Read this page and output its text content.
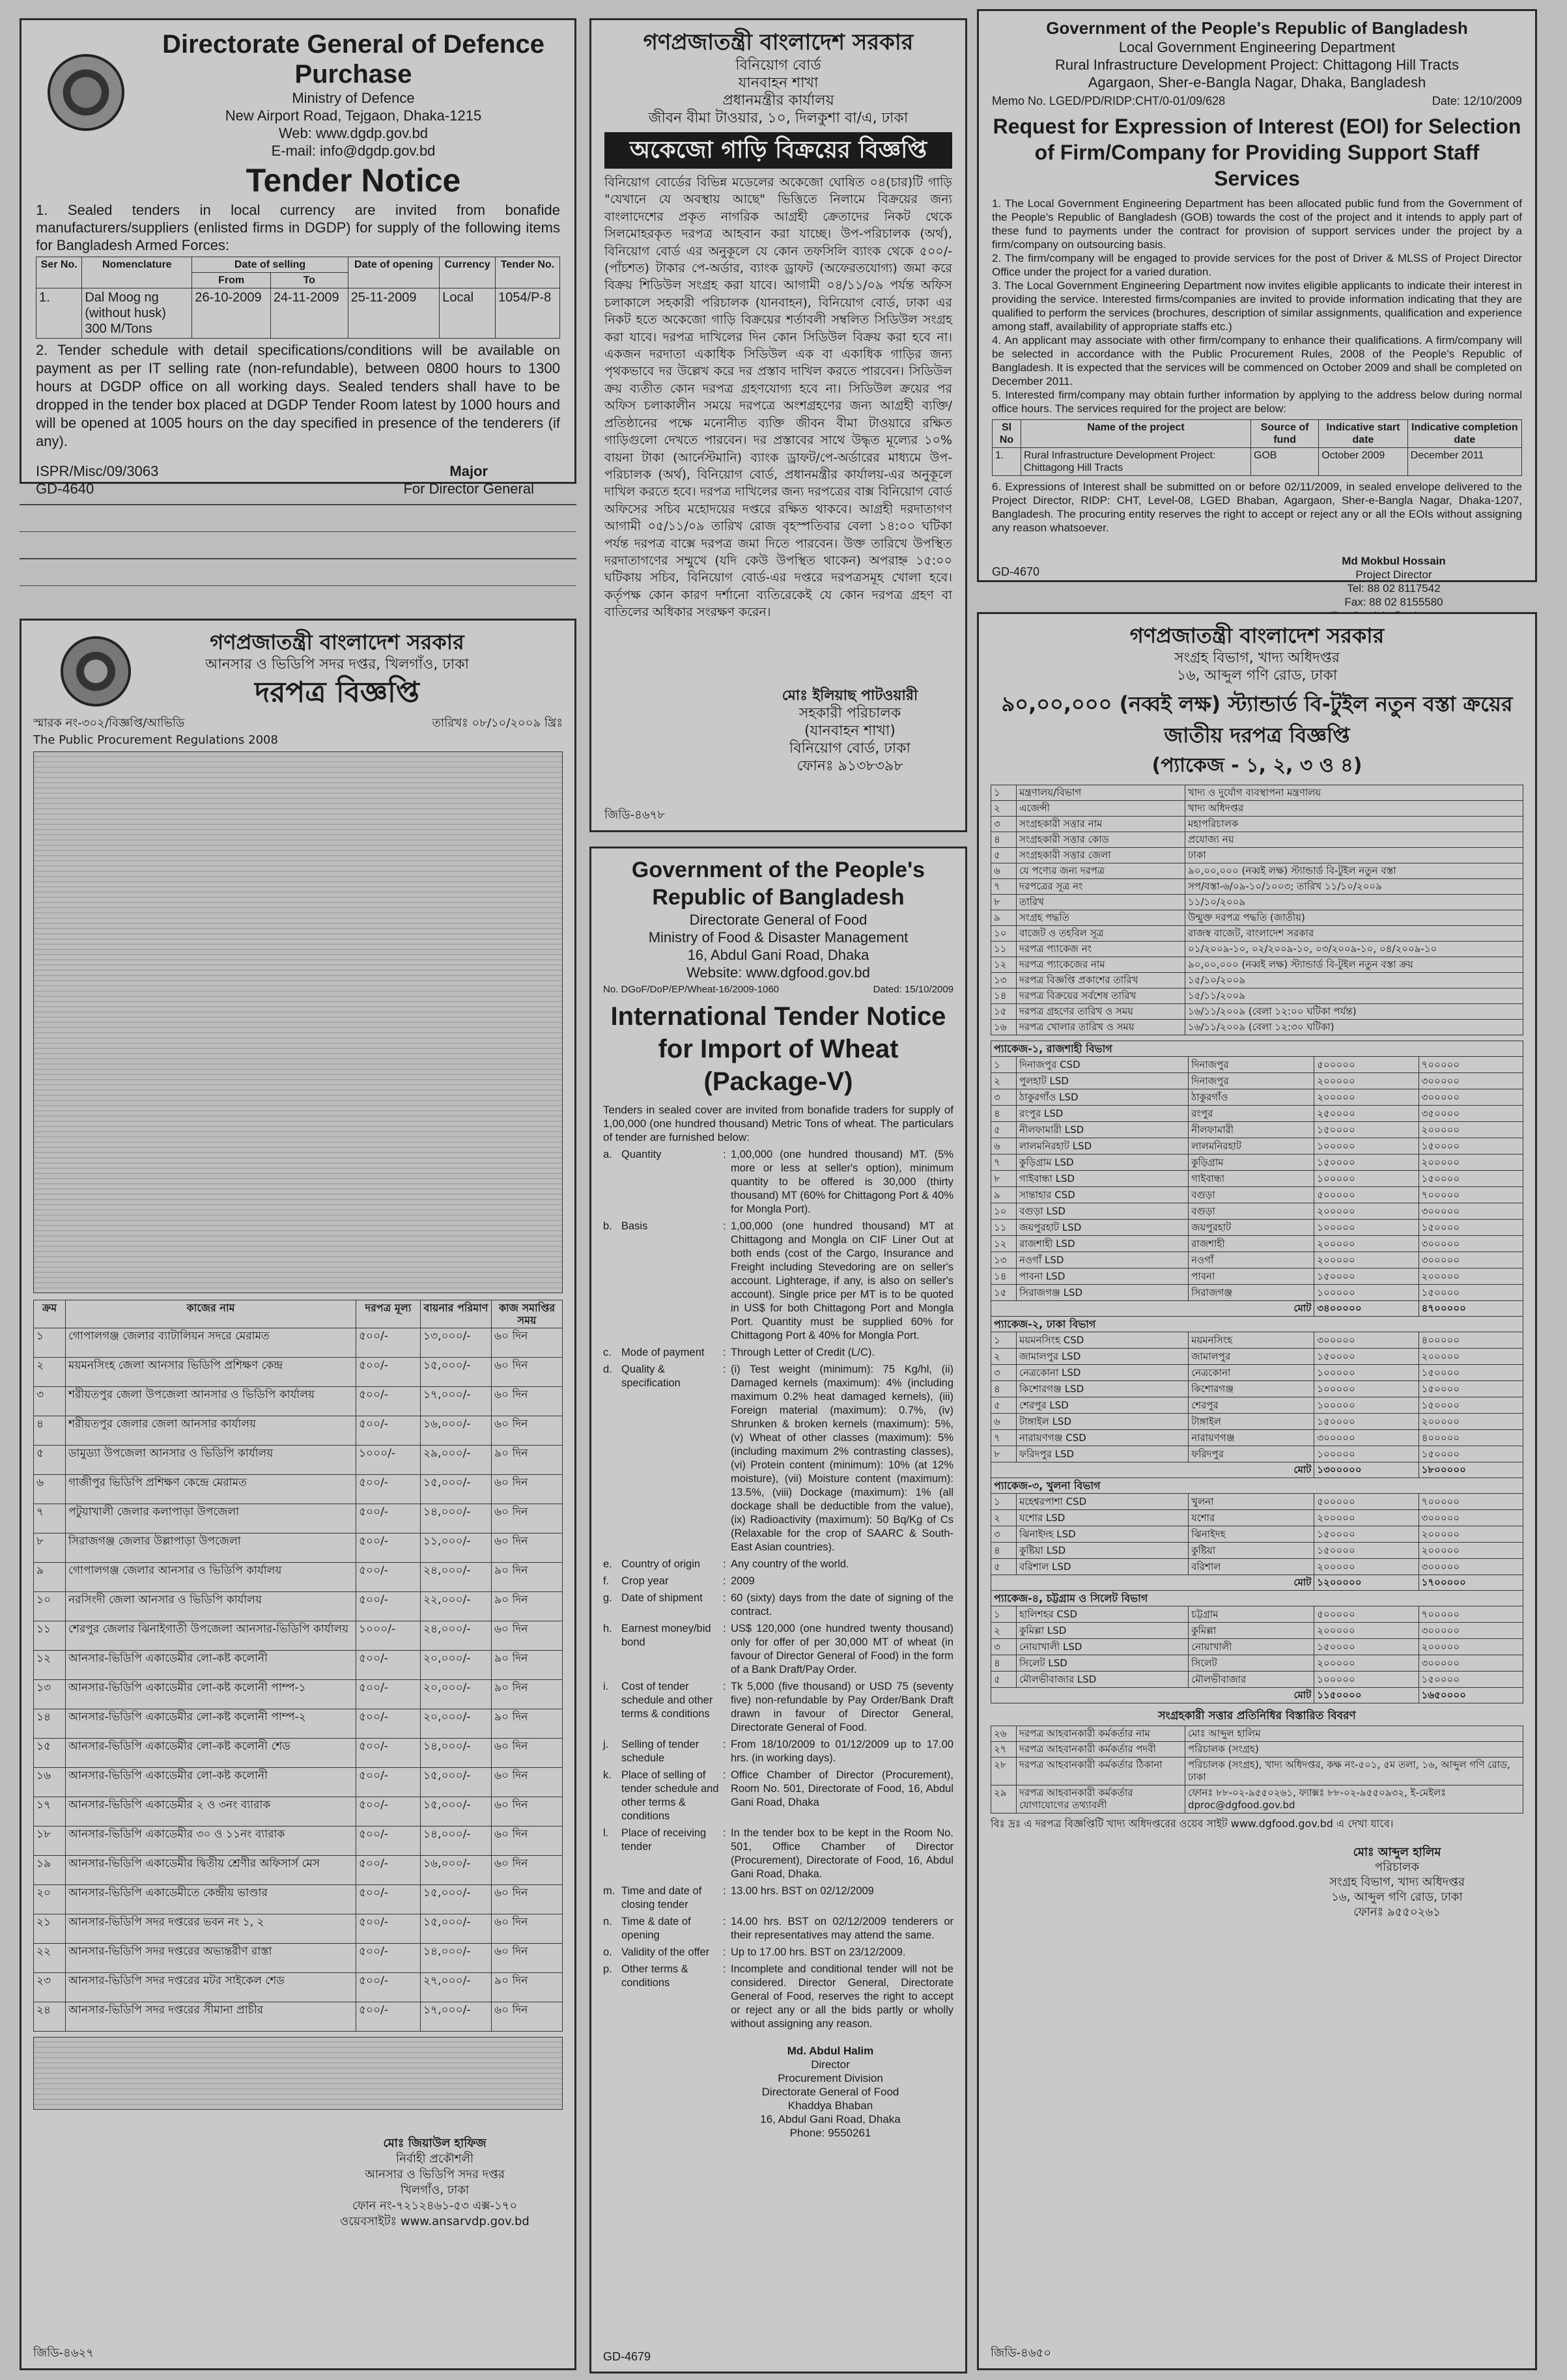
Directorate General of Defence Purchase
Ministry of Defence
New Airport Road, Tejgaon, Dhaka-1215
Web: www.dgdp.gov.bd
E-mail: info@dgdp.gov.bd
Tender Notice

1. Sealed tenders in local currency are invited from bonafide manufacturers/suppliers (enlisted firms in DGDP) for supply of the following items for Bangladesh Armed Forces:

Ser No.	Nomenclature	Date of selling		Date of opening	Currency	Tender No.
		From	To			
1.	Dal Moog ng (without husk) 300 M/Tons	26-10-2009	24-11-2009	25-11-2009	Local	1054/P-8

2. Tender schedule with detail specifications/conditions will be available on payment as per IT selling rate (non-refundable), between 0800 hours to 1300 hours at DGDP office on all working days. Sealed tenders shall have to be dropped in the tender box placed at DGDP Tender Room latest by 1000 hours and will be opened at 1005 hours on the day specified in presence of the tenderers (if any).

ISPR/Misc/09/3063
GD-4640
Major
For Director General
গণপ্রজাতন্ত্রী বাংলাদেশ সরকার
বিনিয়োগ বোর্ড
যানবাহন শাখা
প্রধানমন্ত্রীর কার্যালয়
জীবন বীমা টাওয়ার, ১০, দিলকুশা বা/এ, ঢাকা
অকেজো গাড়ি বিক্রয়ের বিজ্ঞপ্তি

বিনিয়োগ বোর্ডের বিভিন্ন মডেলের অকেজো ঘোষিত ০৪(চার)টি গাড়ি "যেখানে যে অবস্থায় আছে" ভিত্তিতে নিলামে বিক্রয়ের জন্য বাংলাদেশের প্রকৃত নাগরিক আগ্রহী ক্রেতাদের নিকট থেকে সিলমোহরকৃত দরপত্র আহবান করা যাচ্ছে। উপ-পরিচালক (অর্থ), বিনিয়োগ বোর্ড এর অনুকূলে যে কোন তফসিলি ব্যাংক থেকে ৫০০/- (পাঁচশত) টাকার পে-অর্ডার, ব্যাংক ড্রাফট (অফেরতযোগ্য) জমা করে বিক্রয় শিডিউল সংগ্রহ করা যাবে। আগামী ০৪/১১/০৯ পর্যন্ত অফিস চলাকালে সহকারী পরিচালক (যানবাহন), বিনিয়োগ বোর্ড, ঢাকা এর নিকট হতে অকেজো গাড়ি বিক্রয়ের শর্তাবলী সম্বলিত সিডিউল সংগ্রহ করা যাবে। দরপত্র দাখিলের দিন কোন সিডিউল বিক্রয় করা হবে না। একজন দরদাতা একাধিক সিডিউল এক বা একাধিক গাড়ির জন্য পৃথকভাবে দর উল্লেখ করে দর প্রস্তাব দাখিল করতে পারবেন। সিডিউল ক্রয় ব্যতীত কোন দরপত্র গ্রহণযোগ্য হবে না। সিডিউল ক্রয়ের পর অফিস চলাকালীন সময়ে দরপত্রে অংশগ্রহণের জন্য আগ্রহী ব্যক্তি/প্রতিষ্ঠানের পক্ষে মনোনীত ব্যক্তি জীবন বীমা টাওয়ারে রক্ষিত গাড়িগুলো দেখতে পারবেন। দর প্রস্তাবের সাথে উদ্ধৃত মূল্যের ১০% বায়না টাকা (আর্নেস্টমানি) ব্যাংক ড্রাফট/পে-অর্ডারের মাধ্যমে উপ-পরিচালক (অর্থ), বিনিয়োগ বোর্ড, প্রধানমন্ত্রীর কার্যালয়-এর অনুকূলে দাখিল করতে হবে। দরপত্র দাখিলের জন্য দরপত্রের বাক্স বিনিয়োগ বোর্ড অফিসের সচিব মহোদয়ের দপ্তরে রক্ষিত থাকবে। আগ্রহী দরদাতাগণ আগামী ০৫/১১/০৯ তারিখ রোজ বৃহস্পতিবার বেলা ১৪:০০ ঘটিকা পর্যন্ত দরপত্র বাক্সে দরপত্র জমা দিতে পারবেন। উক্ত তারিখে উপস্থিত দরদাতাগণের সম্মুখে (যদি কেউ উপস্থিত থাকেন) অপরাহ্ন ১৫:০০ ঘটিকায় সচিব, বিনিয়োগ বোর্ড-এর দপ্তরে দরপত্রসমূহ খোলা হবে। কর্তৃপক্ষ কোন কারণ দর্শানো ব্যতিরেকেই যে কোন দরপত্র গ্রহণ বা বাতিলের অধিকার সংরক্ষণ করেন।

মোঃ ইলিয়াছ পাটওয়ারী
সহকারী পরিচালক
(যানবাহন শাখা)
বিনিয়োগ বোর্ড, ঢাকা
ফোনঃ ৯১৩৮৩৯৮
জিডি-৪৬৭৮
Government of the People's Republic of Bangladesh
Local Government Engineering Department
Rural Infrastructure Development Project: Chittagong Hill Tracts
Agargaon, Sher-e-Bangla Nagar, Dhaka, Bangladesh
Memo No. LGED/PD/RIDP:CHT/0-01/09/628	Date: 12/10/2009
Request for Expression of Interest (EOI) for Selection of Firm/Company for Providing Support Staff Services

1. The Local Government Engineering Department has been allocated public fund from the Government of the People's Republic of Bangladesh (GOB) towards the cost of the project and it intends to apply part of these fund to payments under the contract for provision of support services under the project by a firm/company on outsourcing basis.

2. The firm/company will be engaged to provide services for the post of Driver & MLSS of Project Director Office under the project for a varied duration.

3. The Local Government Engineering Department now invites eligible applicants to indicate their interest in providing the service. Interested firms/companies are invited to provide information indicating that they are qualified to perform the services (brochures, description of similar assignments, qualification and experience among staff, availability of appropriate staffs etc.)

4. An applicant may associate with other firm/company to enhance their qualifications. A firm/company will be selected in accordance with the Public Procurement Rules, 2008 of the People's Republic of Bangladesh. It is expected that the services will be commenced on October 2009 and shall be completed on December 2011.

5. Interested firm/company may obtain further information by applying to the address below during normal office hours. The services required for the project are below:

Sl No	Name of the project	Source of fund	Indicative start date	Indicative completion date
1.	Rural Infrastructure Development Project: Chittagong Hill Tracts	GOB	October 2009	December 2011

6. Expressions of Interest shall be submitted on or before 02/11/2009, in sealed envelope delivered to the Project Director, RIDP: CHT, Level-08, LGED Bhaban, Agargaon, Sher-e-Bangla Nagar, Dhaka-1207, Bangladesh. The procuring entity reserves the right to accept or reject any or all the EOIs without assigning any reason whatsoever.

Md Mokbul Hossain
Project Director
Tel: 88 02 8117542
Fax: 88 02 8155580
GD-4670
গণপ্রজাতন্ত্রী বাংলাদেশ সরকার
আনসার ও ভিডিপি সদর দপ্তর, খিলগাঁও, ঢাকা
দরপত্র বিজ্ঞপ্তি
স্মারক নং-৩০২/বিজ্ঞপ্তি/আভিডি	তারিখঃ ০৮/১০/২০০৯ খ্রিঃ
The Public Procurement Regulations 2008
ক্রম	কাজের নাম	দরপত্র মূল্য	বায়নার পরিমাণ	কাজ সমাপ্তির সময়
১	গোপালগঞ্জ জেলার ব্যাটালিয়ন সদরে মেরামত	৫০০/-	১৩,০০০/-	৬০ দিন
২	ময়মনসিংহ জেলা আনসার ভিডিপি প্রশিক্ষণ কেন্দ্র	৫০০/-	১৫,০০০/-	৬০ দিন
৩	শরীয়তপুর জেলা উপজেলা আনসার ও ভিডিপি কার্যালয়	৫০০/-	১৭,০০০/-	৬০ দিন
৪	শরীয়তপুর জেলার জেলা আনসার কার্যালয়	৫০০/-	১৬,০০০/-	৬০ দিন
৫	ডামুড্যা উপজেলা আনসার ও ভিডিপি কার্যালয়	১০০০/-	২৯,০০০/-	৯০ দিন
৬	গাজীপুর ভিডিপি প্রশিক্ষণ কেন্দ্রে মেরামত	৫০০/-	১৫,০০০/-	৬০ দিন
৭	পটুয়াখালী জেলার কলাপাড়া উপজেলা	৫০০/-	১৪,০০০/-	৬০ দিন
৮	সিরাজগঞ্জ জেলার উল্লাপাড়া উপজেলা	৫০০/-	১১,০০০/-	৬০ দিন
৯	গোপালগঞ্জ জেলার আনসার ও ভিডিপি কার্যালয়	৫০০/-	২৪,০০০/-	৯০ দিন
১০	নরসিংদী জেলা আনসার ও ভিডিপি কার্যালয়	৫০০/-	২২,০০০/-	৯০ দিন
১১	শেরপুর জেলার ঝিনাইগাতী উপজেলা আনসার-ভিডিপি কার্যালয়	১০০০/-	২৪,০০০/-	৬০ দিন
১২	আনসার-ভিডিপি একাডেমীর লো-কষ্ট কলোনী	৫০০/-	২০,০০০/-	৯০ দিন
১৩	আনসার-ভিডিপি একাডেমীর লো-কষ্ট কলোনী পাম্প-১	৫০০/-	২০,০০০/-	৯০ দিন
১৪	আনসার-ভিডিপি একাডেমীর লো-কষ্ট কলোনী পাম্প-২	৫০০/-	২০,০০০/-	৯০ দিন
১৫	আনসার-ভিডিপি একাডেমীর লো-কষ্ট কলোনী শেড	৫০০/-	১৪,০০০/-	৬০ দিন
১৬	আনসার-ভিডিপি একাডেমীর লো-কষ্ট কলোনী	৫০০/-	১৫,০০০/-	৬০ দিন
১৭	আনসার-ভিডিপি একাডেমীর ২ ও ৩নং ব্যারাক	৫০০/-	১৫,০০০/-	৬০ দিন
১৮	আনসার-ভিডিপি একাডেমীর ৩০ ও ১১নং ব্যারাক	৫০০/-	১৪,০০০/-	৬০ দিন
১৯	আনসার-ভিডিপি একাডেমীর দ্বিতীয় শ্রেণীর অফিসার্স মেস	৫০০/-	১৬,০০০/-	৬০ দিন
২০	আনসার-ভিডিপি একাডেমীতে কেন্দ্রীয় ভাণ্ডার	৫০০/-	১৫,০০০/-	৬০ দিন
২১	আনসার-ভিডিপি সদর দপ্তরের ভবন নং ১, ২	৫০০/-	১৫,০০০/-	৬০ দিন
২২	আনসার-ভিডিপি সদর দপ্তরের অভ্যন্তরীণ রাস্তা	৫০০/-	১৪,০০০/-	৬০ দিন
২৩	আনসার-ভিডিপি সদর দপ্তরের মটর সাইকেল শেড	৫০০/-	২৭,০০০/-	৯০ দিন
২৪	আনসার-ভিডিপি সদর দপ্তরের সীমানা প্রাচীর	৫০০/-	১৭,০০০/-	৬০ দিন
মোঃ জিয়াউল হাফিজ
নির্বাহী প্রকৌশলী
আনসার ও ভিডিপি সদর দপ্তর
খিলগাঁও, ঢাকা
ফোন নং-৭২১২৪৬১-৫৩ এক্স-১৭০
ওয়েবসাইটঃ www.ansarvdp.gov.bd
জিডি-৪৬২৭
Government of the People's Republic of Bangladesh
Directorate General of Food
Ministry of Food & Disaster Management
16, Abdul Gani Road, Dhaka
Website: www.dgfood.gov.bd
No. DGoF/DoP/EP/Wheat-16/2009-1060	Dated: 15/10/2009
International Tender Notice for Import of Wheat (Package-V)

Tenders in sealed cover are invited from bonafide traders for supply of 1,00,000 (one hundred thousand) Metric Tons of wheat. The particulars of tender are furnished below:

a. Quantity	: 1,00,000 (one hundred thousand) MT. (5% more or less at seller's option), minimum quantity to be offered is 30,000 (thirty thousand) MT (60% for Chittagong Port & 40% for Mongla Port).
b. Basis	: 1,00,000 (one hundred thousand) MT at Chittagong and Mongla on CIF Liner Out at both ends (cost of the Cargo, Insurance and Freight including Stevedoring are on seller's account. Lighterage, if any, is also on seller's account). Single price per MT is to be quoted in US$ for both Chittagong Port and Mongla Port. Quantity must be supplied 60% for Chittagong Port & 40% for Mongla Port.
c. Mode of payment	: Through Letter of Credit (L/C).
d. Quality & specification
: (i) Test weight (minimum): 75 Kg/hl, (ii) Damaged kernels (maximum): 4% (including maximum 0.2% heat damaged kernels), (iii) Foreign material (maximum): 0.7%, (iv) Shrunken & broken kernels (maximum): 5%, (v) Wheat of other classes (maximum): 5% (including maximum 2% contrasting classes), (vi) Protein content (minimum): 10% (at 12% moisture), (vii) Moisture content (maximum): 13.5%, (viii) Dockage (maximum): 1% (all dockage shall be deductible from the value), (ix) Radioactivity (maximum): 50 Bq/Kg of Cs (Relaxable for the crop of SAARC & South-East Asian countries).
e. Country of origin	: Any country of the world.
f.	Crop year	: 2009
g. Date of shipment	: 60 (sixty) days from the date of signing of the contract.
h. Earnest money/bid bond
: US$ 120,000 (one hundred twenty thousand) only for offer of per 30,000 MT of wheat (in favour of Director General of Food) in the form of a Bank Draft/Pay Order.
i.	Cost of tender schedule and other terms & conditions
: Tk 5,000 (five thousand) or USD 75 (seventy five) non-refundable by Pay Order/Bank Draft drawn in favour of Director General, Directorate General of Food.
j.	Selling of tender schedule
: From 18/10/2009 to 01/12/2009 up to 17.00 hrs. (in working days).
k. Place of selling of tender schedule and other terms & conditions
: Office Chamber of Director (Procurement), Room No. 501, Directorate of Food, 16, Abdul Gani Road, Dhaka
l.	Place of receiving tender
: In the tender box to be kept in the Room No. 501, Office Chamber of Director (Procurement), Directorate of Food, 16, Abdul Gani Road, Dhaka.
m. Time and date of closing tender
: 13.00 hrs. BST on 02/12/2009
n. Time & date of opening
: 14.00 hrs. BST on 02/12/2009 tenderers or their representatives may attend the same.
o. Validity of the offer	: Up to 17.00 hrs. BST on 23/12/2009.
p. Other terms & conditions
: Incomplete and conditional tender will not be considered. Director General, Directorate General of Food, reserves the right to accept or reject any or all the bids partly or wholly without assigning any reason.
Md. Abdul Halim
Director
Procurement Division
Directorate General of Food
Khaddya Bhaban
16, Abdul Gani Road, Dhaka
Phone: 9550261
GD-4679
গণপ্রজাতন্ত্রী বাংলাদেশ সরকার
সংগ্রহ বিভাগ, খাদ্য অধিদপ্তর
১৬, আব্দুল গণি রোড, ঢাকা
৯০,০০,০০০ (নব্বই লক্ষ) স্ট্যান্ডার্ড বি-টুইল নতুন বস্তা ক্রয়ের জাতীয় দরপত্র বিজ্ঞপ্তি
(প্যাকেজ - ১, ২, ৩ ও ৪)
১	মন্ত্রণালয়/বিভাগ	খাদ্য ও দুর্যোগ ব্যবস্থাপনা মন্ত্রণালয়
২	এজেন্সী	খাদ্য অধিদপ্তর
৩	সংগ্রহকারী সত্তার নাম	মহাপরিচালক
৪	সংগ্রহকারী সত্তার কোড	প্রযোজ্য নয়
৫	সংগ্রহকারী সত্তার জেলা	ঢাকা
৬	যে পণ্যের জন্য দরপত্র	৯০,০০,০০০ (নব্বই লক্ষ) স্ট্যান্ডার্ড বি-টুইল নতুন বস্তা
৭	দরপত্রের সূত্র নং	সপ/বস্তা-৬/০৯-১০/১০০৩; তারিখ ১১/১০/২০০৯
৮	তারিখ	১১/১০/২০০৯
৯	সংগ্রহ পদ্ধতি	উন্মুক্ত দরপত্র পদ্ধতি (জাতীয়)
১০	বাজেট ও তহবিল সূত্র	রাজস্ব বাজেট, বাংলাদেশ সরকার
১১	দরপত্র প্যাকেজ নং	০১/২০০৯-১০, ০২/২০০৯-১০, ০৩/২০০৯-১০, ০৪/২০০৯-১০
১২	দরপত্র প্যাকেজের নাম	৯০,০০,০০০ (নব্বই লক্ষ) স্ট্যান্ডার্ড বি-টুইল নতুন বস্তা ক্রয়
১৩	দরপত্র বিজ্ঞপ্তি প্রকাশের তারিখ	১৫/১০/২০০৯
১৪	দরপত্র বিক্রয়ের সর্বশেষ তারিখ	১৫/১১/২০০৯
১৫	দরপত্র গ্রহণের তারিখ ও সময়	১৬/১১/২০০৯ (বেলা ১২:০০ ঘটিকা পর্যন্ত)
১৬	দরপত্র খোলার তারিখ ও সময়	১৬/১১/২০০৯ (বেলা ১২:৩০ ঘটিকা)
প্যাকেজ-১, রাজশাহী বিভাগ				
১	দিনাজপুর CSD	দিনাজপুর	৫০০০০০	৭০০০০০
২	পুলহাট LSD	দিনাজপুর	২০০০০০	৩০০০০০
৩	ঠাকুরগাঁও LSD	ঠাকুরগাঁও	২০০০০০	৩০০০০০
৪	রংপুর LSD	রংপুর	২৫০০০০	৩৫০০০০
৫	নীলফামারী LSD	নীলফামারী	১৫০০০০	২০০০০০
৬	লালমনিরহাট LSD	লালমনিরহাট	১০০০০০	১৫০০০০
৭	কুড়িগ্রাম LSD	কুড়িগ্রাম	১৫০০০০	২০০০০০
৮	গাইবান্ধা LSD	গাইবান্ধা	১০০০০০	১৫০০০০
৯	সান্তাহার CSD	বগুড়া	৫০০০০০	৭০০০০০
১০	বগুড়া LSD	বগুড়া	২০০০০০	৩০০০০০
১১	জয়পুরহাট LSD	জয়পুরহাট	১০০০০০	১৫০০০০
১২	রাজশাহী LSD	রাজশাহী	২০০০০০	৩০০০০০
১৩	নওগাঁ LSD	নওগাঁ	২০০০০০	৩০০০০০
১৪	পাবনা LSD	পাবনা	১৫০০০০	২০০০০০
১৫	সিরাজগঞ্জ LSD	সিরাজগঞ্জ	১০০০০০	১৫০০০০
মোট			৩৪০০০০০	৪৭০০০০০
প্যাকেজ-২, ঢাকা বিভাগ				
১	ময়মনসিংহ CSD	ময়মনসিংহ	৩০০০০০	৪০০০০০
২	জামালপুর LSD	জামালপুর	১৫০০০০	২০০০০০
৩	নেত্রকোনা LSD	নেত্রকোনা	১০০০০০	১৫০০০০
৪	কিশোরগঞ্জ LSD	কিশোরগঞ্জ	১০০০০০	১৫০০০০
৫	শেরপুর LSD	শেরপুর	১০০০০০	১৫০০০০
৬	টাঙ্গাইল LSD	টাঙ্গাইল	১৫০০০০	২০০০০০
৭	নারায়ণগঞ্জ CSD	নারায়ণগঞ্জ	৩০০০০০	৪০০০০০
৮	ফরিদপুর LSD	ফরিদপুর	১০০০০০	১৫০০০০
মোট			১৩০০০০০	১৮০০০০০
প্যাকেজ-৩, খুলনা বিভাগ				
১	মহেশ্বরপাশা CSD	খুলনা	৫০০০০০	৭০০০০০
২	যশোর LSD	যশোর	২০০০০০	৩০০০০০
৩	ঝিনাইদহ LSD	ঝিনাইদহ	১৫০০০০	২০০০০০
৪	কুষ্টিয়া LSD	কুষ্টিয়া	১৫০০০০	২০০০০০
৫	বরিশাল LSD	বরিশাল	২০০০০০	৩০০০০০
মোট			১২০০০০০	১৭০০০০০
প্যাকেজ-৪, চট্টগ্রাম ও সিলেট বিভাগ				
১	হালিশহর CSD	চট্টগ্রাম	৫০০০০০	৭০০০০০
২	কুমিল্লা LSD	কুমিল্লা	২০০০০০	৩০০০০০
৩	নোয়াখালী LSD	নোয়াখালী	১৫০০০০	২০০০০০
৪	সিলেট LSD	সিলেট	২০০০০০	৩০০০০০
৫	মৌলভীবাজার LSD	মৌলভীবাজার	১০০০০০	১৫০০০০
মোট			১১৫০০০০	১৬৫০০০০
সংগ্রহকারী সত্তার প্রতিনিধির বিস্তারিত বিবরণ
২৬	দরপত্র আহবানকারী কর্মকর্তার নাম	মোঃ আব্দুল হালিম
২৭	দরপত্র আহবানকারী কর্মকর্তার পদবী	পরিচালক (সংগ্রহ)
২৮	দরপত্র আহবানকারী কর্মকর্তার ঠিকানা	পরিচালক (সংগ্রহ), খাদ্য অধিদপ্তর, কক্ষ নং-৫০১, ৫ম তলা, ১৬, আব্দুল গণি রোড, ঢাকা
২৯	দরপত্র আহবানকারী কর্মকর্তার যোগাযোগের তথ্যাবলী	ফোনঃ ৮৮-০২-৯৫৫০২৬১, ফ্যাক্সঃ ৮৮-০২-৯৫৫০৯৩২, ই-মেইলঃ dproc@dgfood.gov.bd
বিঃ দ্রঃ এ দরপত্র বিজ্ঞপ্তিটি খাদ্য অধিদপ্তরের ওয়েব সাইট www.dgfood.gov.bd এ দেখা যাবে।
মোঃ আব্দুল হালিম
পরিচালক
সংগ্রহ বিভাগ, খাদ্য অধিদপ্তর
১৬, আব্দুল গণি রোড, ঢাকা
ফোনঃ ৯৫৫০২৬১
জিডি-৪৬৫০
